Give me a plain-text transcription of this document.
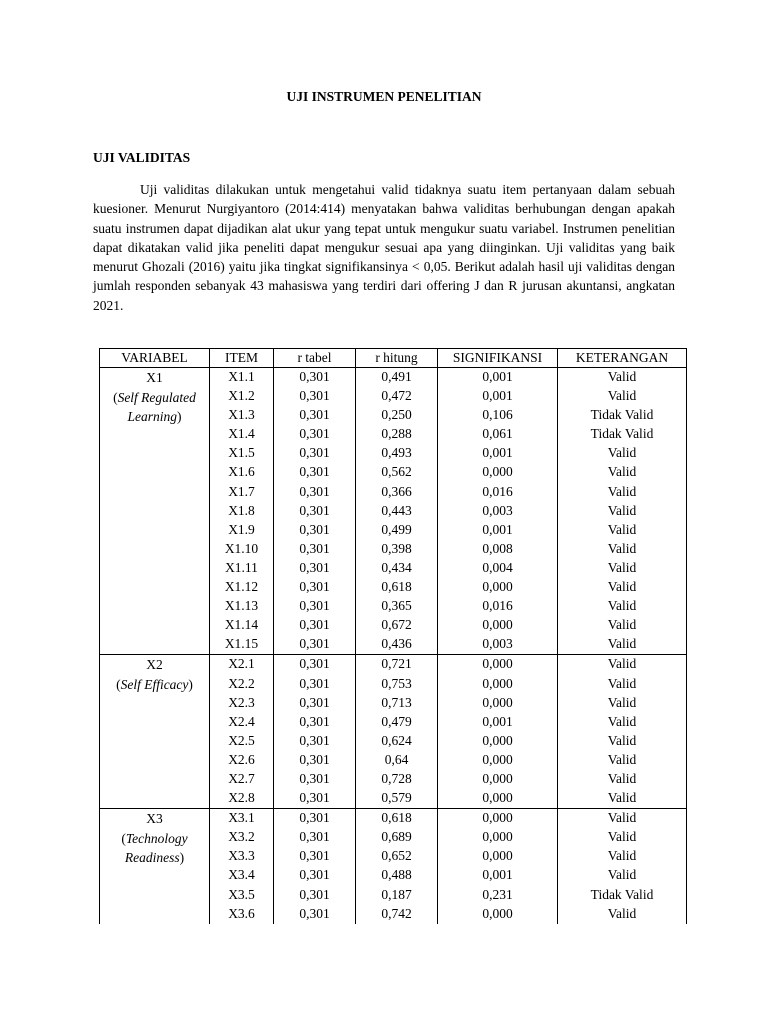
UJI INSTRUMEN PENELITIAN
UJI VALIDITAS

Uji validitas dilakukan untuk mengetahui valid tidaknya suatu item pertanyaan dalam sebuah kuesioner. Menurut Nurgiyantoro (2014:414) menyatakan bahwa validitas berhubungan dengan apakah suatu instrumen dapat dijadikan alat ukur yang tepat untuk mengukur suatu variabel. Instrumen penelitian dapat dikatakan valid jika peneliti dapat mengukur sesuai apa yang diinginkan. Uji validitas yang baik menurut Ghozali (2016) yaitu jika tingkat signifikansinya < 0,05. Berikut adalah hasil uji validitas dengan jumlah responden sebanyak 43 mahasiswa yang terdiri dari offering J dan R jurusan akuntansi, angkatan 2021.

VARIABEL	ITEM	r tabel	r hitung	SIGNIFIKANSI	KETERANGAN

X1
(Self Regulated Learning)	X1.1	0,301	0,491	0,001	Valid
	X1.2	0,301	0,472	0,001	Valid
	X1.3	0,301	0,250	0,106	Tidak Valid
	X1.4	0,301	0,288	0,061	Tidak Valid
	X1.5	0,301	0,493	0,001	Valid
	X1.6	0,301	0,562	0,000	Valid
	X1.7	0,301	0,366	0,016	Valid
	X1.8	0,301	0,443	0,003	Valid
	X1.9	0,301	0,499	0,001	Valid
	X1.10	0,301	0,398	0,008	Valid
	X1.11	0,301	0,434	0,004	Valid
	X1.12	0,301	0,618	0,000	Valid
	X1.13	0,301	0,365	0,016	Valid
	X1.14	0,301	0,672	0,000	Valid
	X1.15	0,301	0,436	0,003	Valid

X2
(Self Efficacy)	X2.1	0,301	0,721	0,000	Valid
	X2.2	0,301	0,753	0,000	Valid
	X2.3	0,301	0,713	0,000	Valid
	X2.4	0,301	0,479	0,001	Valid
	X2.5	0,301	0,624	0,000	Valid
	X2.6	0,301	0,64	0,000	Valid
	X2.7	0,301	0,728	0,000	Valid
	X2.8	0,301	0,579	0,000	Valid

X3
(Technology Readiness)	X3.1	0,301	0,618	0,000	Valid
	X3.2	0,301	0,689	0,000	Valid
	X3.3	0,301	0,652	0,000	Valid
	X3.4	0,301	0,488	0,001	Valid
	X3.5	0,301	0,187	0,231	Tidak Valid
	X3.6	0,301	0,742	0,000	Valid
